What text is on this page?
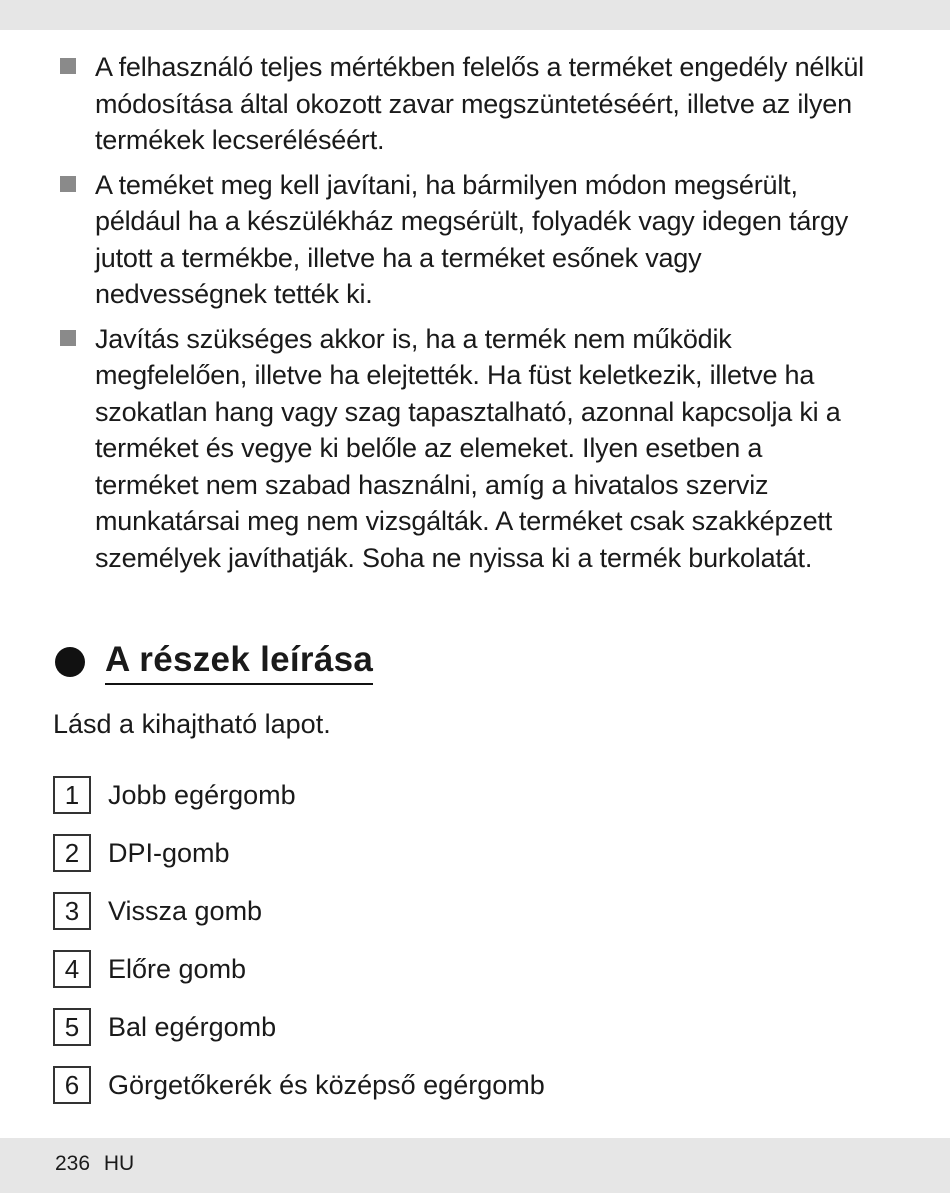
A felhasználó teljes mértékben felelős a terméket engedély nélkül módosítása által okozott zavar megszüntetéséért, illetve az ilyen termékek lecseréléséért.
A teméket meg kell javítani, ha bármilyen módon megsérült, például ha a készülékház megsérült, folyadék vagy idegen tárgy jutott a termékbe, illetve ha a terméket esőnek vagy nedvességnek tették ki.
Javítás szükséges akkor is, ha a termék nem működik megfelelően, illetve ha elejtették. Ha füst keletkezik, illetve ha szokatlan hang vagy szag tapasztalható, azonnal kapcsolja ki a terméket és vegye ki belőle az elemeket. Ilyen esetben a terméket nem szabad használni, amíg a hivatalos szerviz munkatársai meg nem vizsgálták. A terméket csak szakképzett személyek javíthatják. Soha ne nyissa ki a termék burkolatát.
A részek leírása

Lásd a kihajtható lapot.

1	Jobb egérgomb
2	DPI-gomb
3	Vissza gomb
4	Előre gomb
5	Bal egérgomb
6	Görgetőkerék és középső egérgomb
236 HU
